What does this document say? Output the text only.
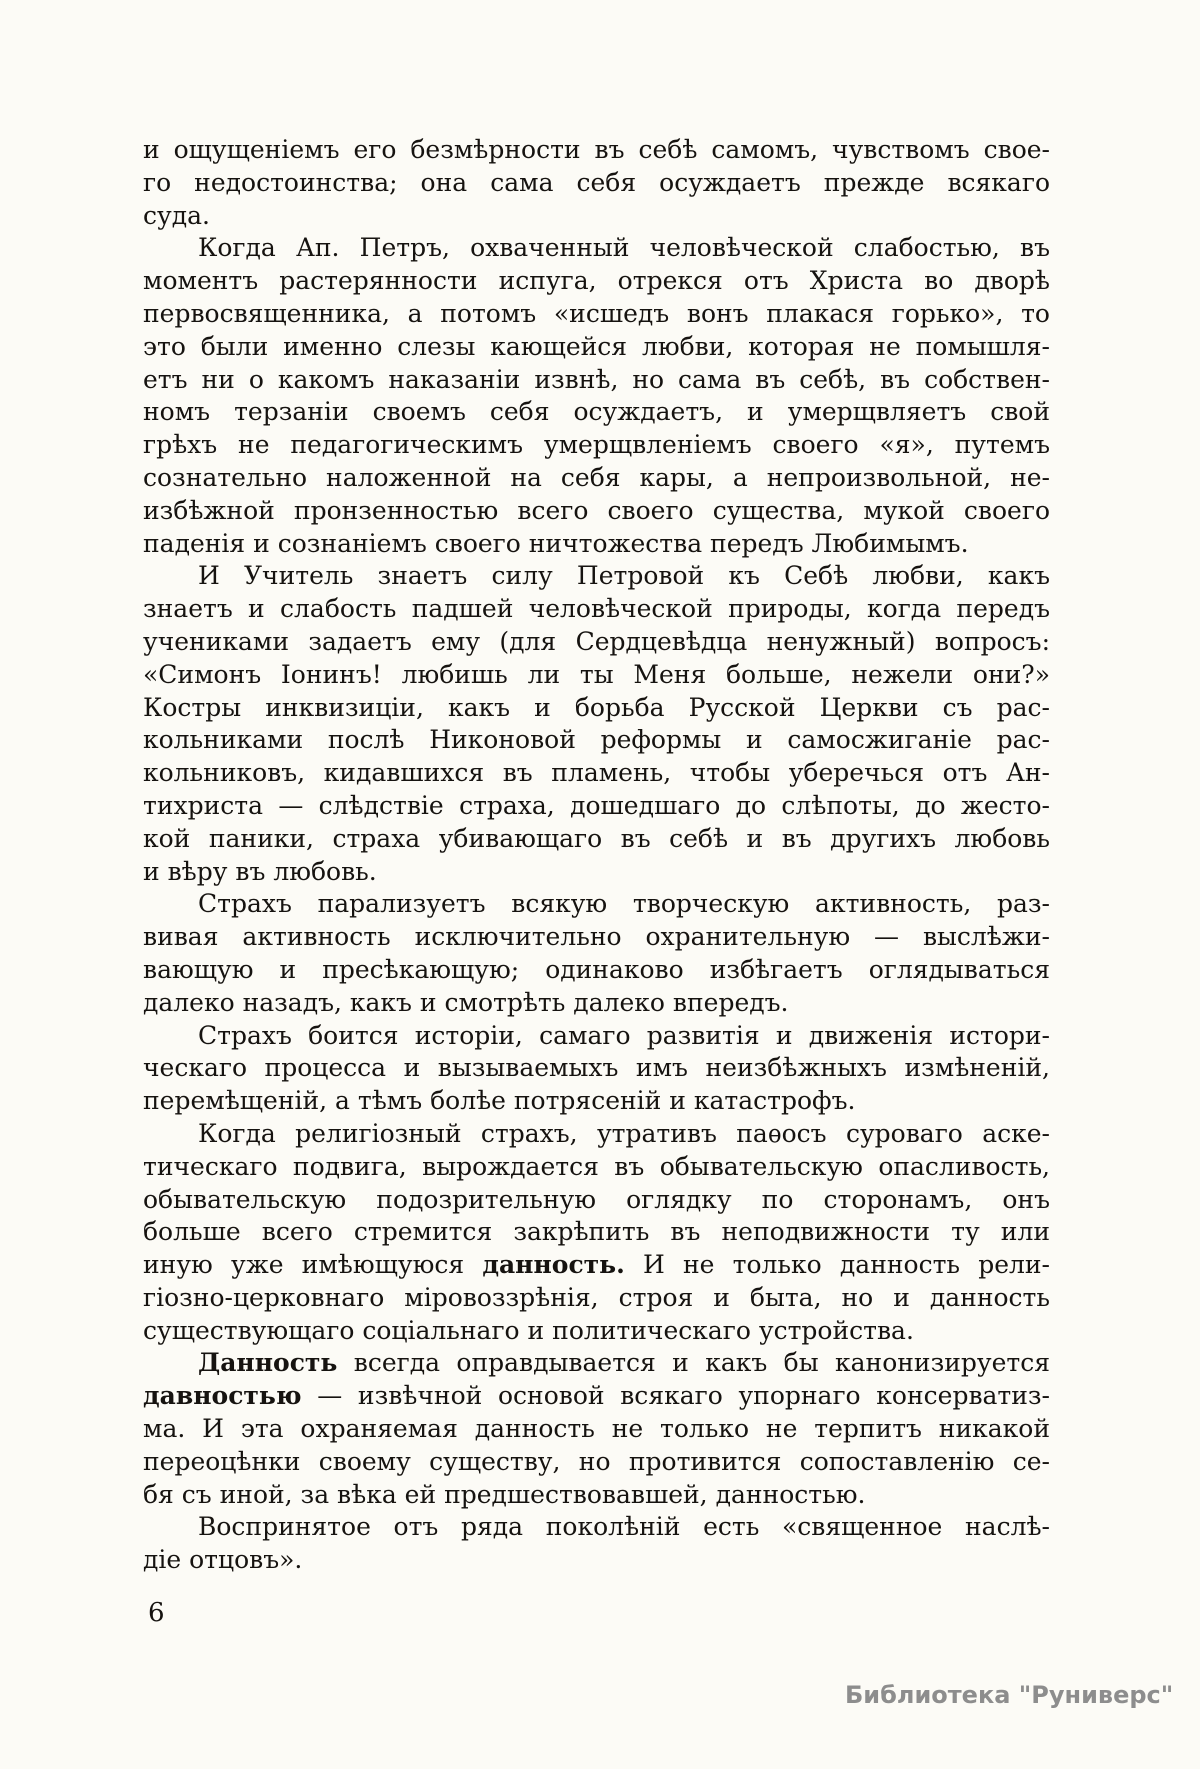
и ощущеніемъ его безмѣрности въ себѣ самомъ, чувствомъ свое-
го недостоинства; она сама себя осуждаетъ прежде всякаго
суда.
Когда Ап. Петръ, охваченный человѣческой слабостью, въ
моментъ растерянности испуга, отрекся отъ Христа во дворѣ
первосвященника, а потомъ «исшедъ вонъ плакася горько», то
это были именно слезы кающейся любви, которая не помышля-
етъ ни о какомъ наказаніи извнѣ, но сама въ себѣ, въ собствен-
номъ терзаніи своемъ себя осуждаетъ, и умерщвляетъ свой
грѣхъ не педагогическимъ умерщвленіемъ своего «я», путемъ
сознательно наложенной на себя кары, а непроизвольной, не-
избѣжной пронзенностью всего своего существа, мукой своего
паденія и сознаніемъ своего ничтожества передъ Любимымъ.
И Учитель знаетъ силу Петровой къ Себѣ любви, какъ
знаетъ и слабость падшей человѣческой природы, когда передъ
учениками задаетъ ему (для Сердцевѣдца ненужный) вопросъ:
«Симонъ Іонинъ! любишь ли ты Меня больше, нежели они?»
Костры инквизиціи, какъ и борьба Русской Церкви съ рас-
кольниками послѣ Никоновой реформы и самосжиганіе рас-
кольниковъ, кидавшихся въ пламень, чтобы уберечься отъ Ан-
тихриста — слѣдствіе страха, дошедшаго до слѣпоты, до жесто-
кой паники, страха убивающаго въ себѣ и въ другихъ любовь
и вѣру въ любовь.
Страхъ парализуетъ всякую творческую активность, раз-
вивая активность исключительно охранительную — выслѣжи-
вающую и пресѣкающую; одинаково избѣгаетъ оглядываться
далеко назадъ, какъ и смотрѣть далеко впередъ.
Страхъ боится исторіи, самаго развитія и движенія истори-
ческаго процесса и вызываемыхъ имъ неизбѣжныхъ измѣненій,
перемѣщеній, а тѣмъ болѣе потрясеній и катастрофъ.
Когда религіозный страхъ, утративъ паѳосъ суроваго аске-
тическаго подвига, вырождается въ обывательскую опасливость,
обывательскую подозрительную оглядку по сторонамъ, онъ
больше всего стремится закрѣпить въ неподвижности ту или
иную уже имѣющуюся данность. И не только данность рели-
гіозно-церковнаго міровоззрѣнія, строя и быта, но и данность
существующаго соціальнаго и политическаго устройства.
Данность всегда оправдывается и какъ бы канонизируется
давностью — извѣчной основой всякаго упорнаго консерватиз-
ма. И эта охраняемая данность не только не терпитъ никакой
переоцѣнки своему существу, но противится сопоставленію се-
бя съ иной, за вѣка ей предшествовавшей, данностью.
Воспринятое отъ ряда поколѣній есть «священное наслѣ-
діе отцовъ».
6
Библиотека "Руниверс"
